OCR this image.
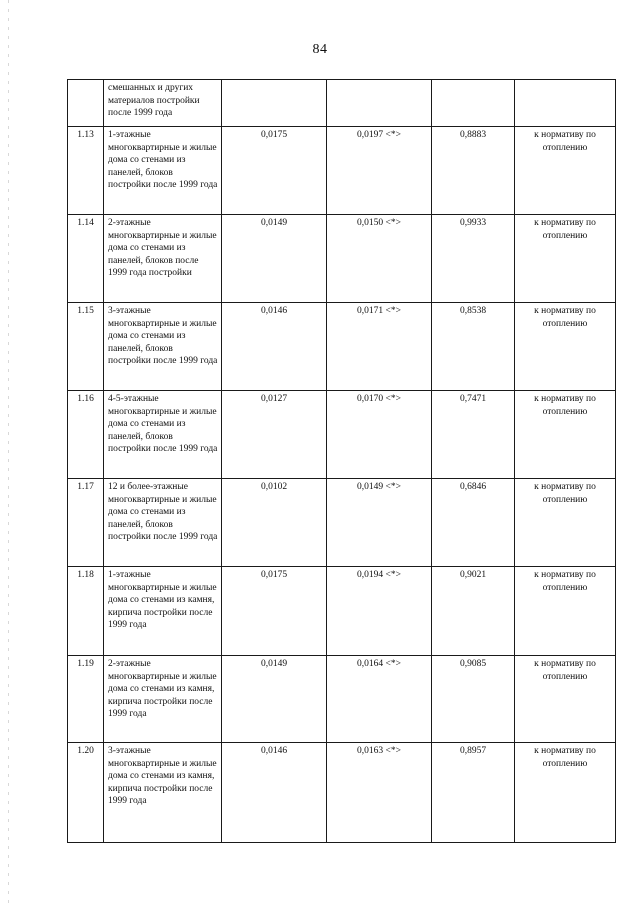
84
	смешанных и других материалов постройки после 1999 года				
1.13	1-этажные многоквартирные и жилые дома со стенами из панелей, блоков постройки после 1999 года	0,0175	0,0197 <*>	0,8883	к нормативу по отоплению
1.14	2-этажные многоквартирные и жилые дома со стенами из панелей, блоков после 1999 года постройки	0,0149	0,0150 <*>	0,9933	к нормативу по отоплению
1.15	3-этажные многоквартирные и жилые дома со стенами из панелей, блоков постройки после 1999 года	0,0146	0,0171 <*>	0,8538	к нормативу по отоплению
1.16	4-5-этажные многоквартирные и жилые дома со стенами из панелей, блоков постройки после 1999 года	0,0127	0,0170 <*>	0,7471	к нормативу по отоплению
1.17	12 и более-этажные многоквартирные и жилые дома со стенами из панелей, блоков постройки после 1999 года	0,0102	0,0149 <*>	0,6846	к нормативу по отоплению
1.18	1-этажные многоквартирные и жилые дома со стенами из камня, кирпича постройки после 1999 года	0,0175	0,0194 <*>	0,9021	к нормативу по отоплению
1.19	2-этажные многоквартирные и жилые дома со стенами из камня, кирпича постройки после 1999 года	0,0149	0,0164 <*>	0,9085	к нормативу по отоплению
1.20	3-этажные многоквартирные и жилые дома со стенами из камня, кирпича постройки после 1999 года	0,0146	0,0163 <*>	0,8957	к нормативу по отоплению
